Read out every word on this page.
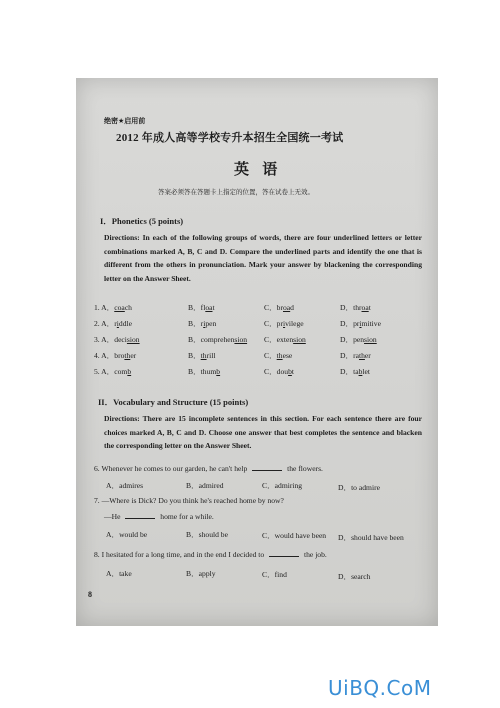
绝密★启用前
2012 年成人高等学校专升本招生全国统一考试
英 语
答案必须答在答题卡上指定的位置，答在试卷上无效。
I．Phonetics (5 points)
Directions: In each of the following groups of words, there are four underlined letters or letter combinations marked A, B, C and D. Compare the underlined parts and identify the one that is different from the others in pronunciation. Mark your answer by blackening the corresponding letter on the Answer Sheet.
1. A．coach	B．float	C．broad	D．throat
2. A．riddle	B．ripen	C．privilege	D．primitive
3. A．decision	B．comprehension C．extension	D．pension
4. A．brother	B．thrill	C．these	D．rather
5. A．comb	B．thumb	C．doubt	D．tablet
II．Vocabulary and Structure (15 points)
Directions: There are 15 incomplete sentences in this section. For each sentence there are four choices marked A, B, C and D. Choose one answer that best completes the sentence and blacken the corresponding letter on the Answer Sheet.
6. Whenever he comes to our garden, he can't help	the flowers.
A．admires	B．admired	C．admiring	D．to admire
7. —Where is Dick? Do you think he's reached home by now?
—He	home for a while.
A．would be	B．should be	C．would have been D．should have been
8. I hesitated for a long time, and in the end I decided to	the job.
A．take	B．apply	C．find	D．search
8
UiBQ.CoM
